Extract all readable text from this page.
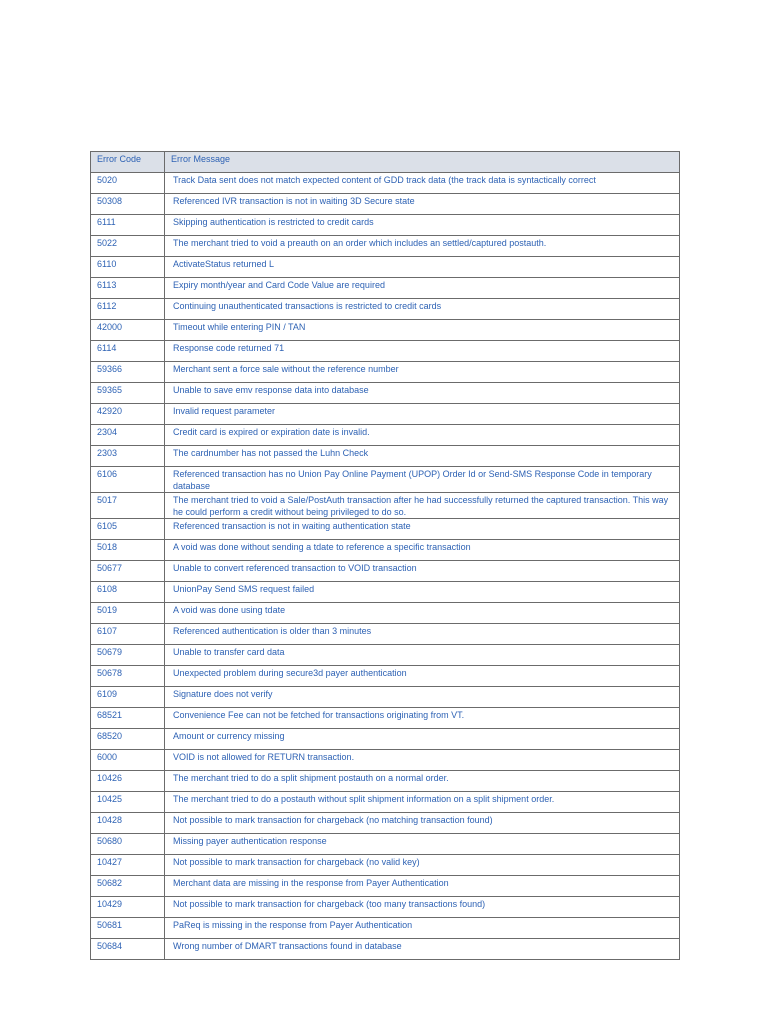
Error Code	Error Message
5020	Track Data sent does not match expected content of GDD track data (the track data is syntactically correct
50308	Referenced IVR transaction is not in waiting 3D Secure state
6111	Skipping authentication is restricted to credit cards
5022	The merchant tried to void a preauth on an order which includes an settled/captured postauth.
6110	ActivateStatus returned L
6113	Expiry month/year and Card Code Value are required
6112	Continuing unauthenticated transactions is restricted to credit cards
42000	Timeout while entering PIN / TAN
6114	Response code returned 71
59366	Merchant sent a force sale without the reference number
59365	Unable to save emv response data into database
42920	Invalid request parameter
2304	Credit card is expired or expiration date is invalid.
2303	The cardnumber has not passed the Luhn Check
6106	Referenced transaction has no Union Pay Online Payment (UPOP) Order Id or Send-SMS Response Code in temporary database
5017	The merchant tried to void a Sale/PostAuth transaction after he had successfully returned the captured transaction. This way he could perform a credit without being privileged to do so.
6105	Referenced transaction is not in waiting authentication state
5018	A void was done without sending a tdate to reference a specific transaction
50677	Unable to convert referenced transaction to VOID transaction
6108	UnionPay Send SMS request failed
5019	A void was done using tdate
6107	Referenced authentication is older than 3 minutes
50679	Unable to transfer card data
50678	Unexpected problem during secure3d payer authentication
6109	Signature does not verify
68521	Convenience Fee can not be fetched for transactions originating from VT.
68520	Amount or currency missing
6000	VOID is not allowed for RETURN transaction.
10426	The merchant tried to do a split shipment postauth on a normal order.
10425	The merchant tried to do a postauth without split shipment information on a split shipment order.
10428	Not possible to mark transaction for chargeback (no matching transaction found)
50680	Missing payer authentication response
10427	Not possible to mark transaction for chargeback (no valid key)
50682	Merchant data are missing in the response from Payer Authentication
10429	Not possible to mark transaction for chargeback (too many transactions found)
50681	PaReq is missing in the response from Payer Authentication
50684	Wrong number of DMART transactions found in database
